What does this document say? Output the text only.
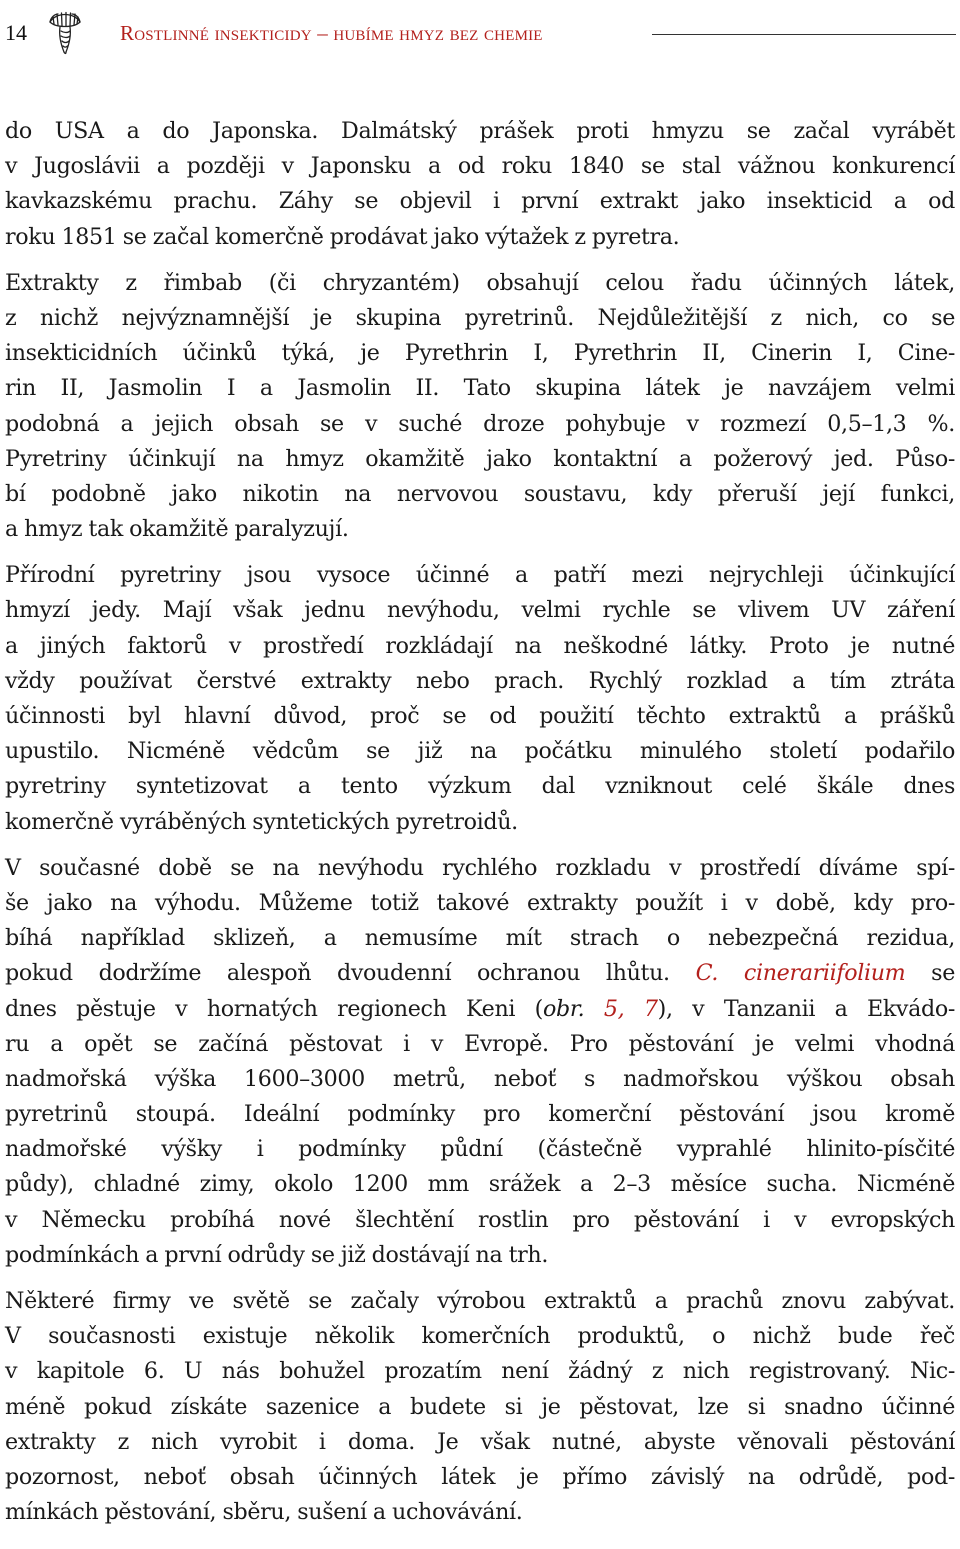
14	Rostlinné insekticidy – hubíme hmyz bez chemie

do USA a do Japonska. Dalmátský prášek proti hmyzu se začal vyrábět
v Jugoslávii a později v Japonsku a od roku 1840 se stal vážnou konkurencí
kavkazskému prachu. Záhy se objevil i první extrakt jako insekticid a od
roku 1851 se začal komerčně prodávat jako výtažek z pyretra.

Extrakty z řimbab (či chryzantém) obsahují celou řadu účinných látek,
z nichž nejvýznamnější je skupina pyretrinů. Nejdůležitější z nich, co se
insekticidních účinků týká, je Pyrethrin I, Pyrethrin II, Cinerin I, Cine-
rin II, Jasmolin I a Jasmolin II. Tato skupina látek je navzájem velmi
podobná a jejich obsah se v suché droze pohybuje v rozmezí 0,5–1,3 %.
Pyretriny účinkují na hmyz okamžitě jako kontaktní a požerový jed. Půso-
bí podobně jako nikotin na nervovou soustavu, kdy přeruší její funkci,
a hmyz tak okamžitě paralyzují.

Přírodní pyretriny jsou vysoce účinné a patří mezi nejrychleji účinkující
hmyzí jedy. Mají však jednu nevýhodu, velmi rychle se vlivem UV záření
a jiných faktorů v prostředí rozkládají na neškodné látky. Proto je nutné
vždy používat čerstvé extrakty nebo prach. Rychlý rozklad a tím ztráta
účinnosti byl hlavní důvod, proč se od použití těchto extraktů a prášků
upustilo. Nicméně vědcům se již na počátku minulého století podařilo
pyretriny syntetizovat a tento výzkum dal vzniknout celé škále dnes
komerčně vyráběných syntetických pyretroidů.

V současné době se na nevýhodu rychlého rozkladu v prostředí díváme spí-
še jako na výhodu. Můžeme totiž takové extrakty použít i v době, kdy pro-
bíhá například sklizeň, a nemusíme mít strach o nebezpečná rezidua,
pokud dodržíme alespoň dvoudenní ochranou lhůtu. C. cinerariifolium se
dnes pěstuje v hornatých regionech Keni (obr. 5, 7), v Tanzanii a Ekvádo-
ru a opět se začíná pěstovat i v Evropě. Pro pěstování je velmi vhodná
nadmořská výška 1600–3000 metrů, neboť s nadmořskou výškou obsah
pyretrinů stoupá. Ideální podmínky pro komerční pěstování jsou kromě
nadmořské výšky i podmínky půdní (částečně vyprahlé hlinito-písčité
půdy), chladné zimy, okolo 1200 mm srážek a 2–3 měsíce sucha. Nicméně
v Německu probíhá nové šlechtění rostlin pro pěstování i v evropských
podmínkách a první odrůdy se již dostávají na trh.

Některé firmy ve světě se začaly výrobou extraktů a prachů znovu zabývat.
V současnosti existuje několik komerčních produktů, o nichž bude řeč
v kapitole 6. U nás bohužel prozatím není žádný z nich registrovaný. Nic-
méně pokud získáte sazenice a budete si je pěstovat, lze si snadno účinné
extrakty z nich vyrobit i doma. Je však nutné, abyste věnovali pěstování
pozornost, neboť obsah účinných látek je přímo závislý na odrůdě, pod-
mínkách pěstování, sběru, sušení a uchovávání.
